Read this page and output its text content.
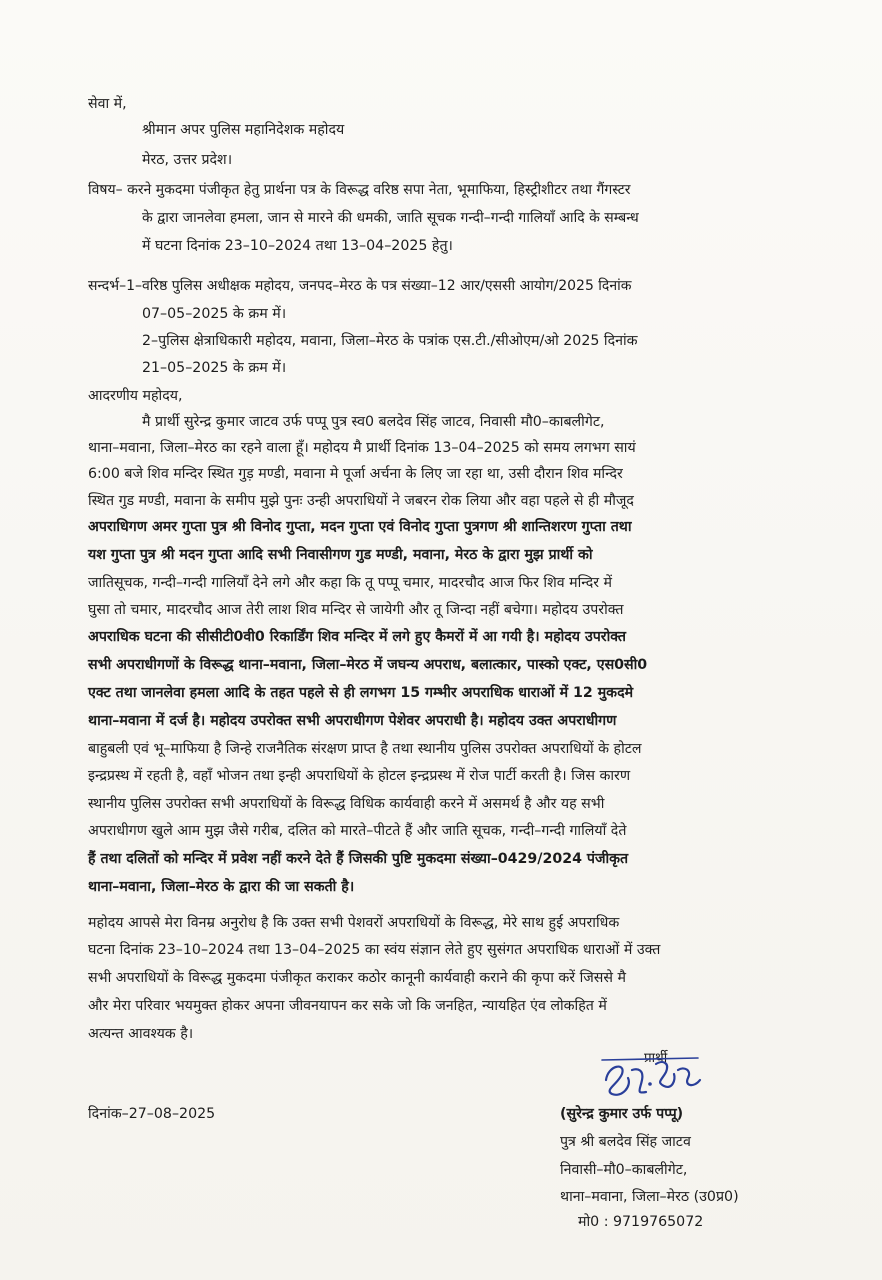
सेवा में,
श्रीमान अपर पुलिस महानिदेशक महोदय
मेरठ, उत्तर प्रदेश।
विषय– करने मुकदमा पंजीकृत हेतु प्रार्थना पत्र के विरूद्ध वरिष्ठ सपा नेता, भूमाफिया, हिस्ट्रीशीटर तथा गैंगस्टर
के द्वारा जानलेवा हमला, जान से मारने की धमकी, जाति सूचक गन्दी–गन्दी गालियॉं आदि के सम्बन्ध
में घटना दिनांक 23–10–2024 तथा 13–04–2025 हेतु।
सन्दर्भ–1–वरिष्ठ पुलिस अधीक्षक महोदय, जनपद–मेरठ के पत्र संख्या–12 आर/एससी आयोग/2025 दिनांक
07–05–2025 के क्रम में।
2–पुलिस क्षेत्राधिकारी महोदय, मवाना, जिला–मेरठ के पत्रांक एस.टी./सीओएम/ओ 2025 दिनांक
21–05–2025 के क्रम में।
आदरणीय महोदय,
मै प्रार्थी सुरेन्द्र कुमार जाटव उर्फ पप्पू पुत्र स्व0 बलदेव सिंह जाटव, निवासी मौ0–काबलीगेट,
थाना–मवाना, जिला–मेरठ का रहने वाला हूॅं। महोदय मै प्रार्थी दिनांक 13–04–2025 को समय लगभग सायं
6:00 बजे शिव मन्दिर स्थित गुड़ मण्डी, मवाना मे पूर्जा अर्चना के लिए जा रहा था, उसी दौरान शिव मन्दिर
स्थित गुड मण्डी, मवाना के समीप मुझे पुनः उन्ही अपराधियों ने जबरन रोक लिया और वहा पहले से ही मौजूद
अपराधिगण अमर गुप्ता पुत्र श्री विनोद गुप्ता, मदन गुप्ता एवं विनोद गुप्ता पुत्रगण श्री शान्तिशरण गुप्ता तथा
यश गुप्ता पुत्र श्री मदन गुप्ता आदि सभी निवासीगण गुड मण्डी, मवाना, मेरठ के द्वारा मुझ प्रार्थी को
जातिसूचक, गन्दी–गन्दी गालियॉं देने लगे और कहा कि तू पप्पू चमार, मादरचौद आज फिर शिव मन्दिर में
घुसा तो चमार, मादरचौद आज तेरी लाश शिव मन्दिर से जायेगी और तू जिन्दा नहीं बचेगा। महोदय उपरोक्त
अपराधिक घटना की सीसीटी0वी0 रिकार्डिंग शिव मन्दिर में लगे हुए कैमरों में आ गयी है। महोदय उपरोक्त
सभी अपराधीगणों के विरूद्ध थाना–मवाना, जिला–मेरठ में जघन्य अपराध, बलात्कार, पास्को एक्ट, एस0सी0
एक्ट तथा जानलेवा हमला आदि के तहत पहले से ही लगभग 15 गम्भीर अपराधिक धाराओं में 12 मुकदमे
थाना–मवाना में दर्ज है। महोदय उपरोक्त सभी अपराधीगण पेशेवर अपराधी है। महोदय उक्त अपराधीगण
बाहुबली एवं भू–माफिया है जिन्हे राजनैतिक संरक्षण प्राप्त है तथा स्थानीय पुलिस उपरोक्त अपराधियों के होटल
इन्द्रप्रस्थ में रहती है, वहॉं भोजन तथा इन्ही अपराधियों के होटल इन्द्रप्रस्थ में रोज पार्टी करती है। जिस कारण
स्थानीय पुलिस उपरोक्त सभी अपराधियों के विरूद्ध विधिक कार्यवाही करने में असमर्थ है और यह सभी
अपराधीगण खुले आम मुझ जैसे गरीब, दलित को मारते–पीटते हैं और जाति सूचक, गन्दी–गन्दी गालियॉं देते
हैं तथा दलितों को मन्दिर में प्रवेश नहीं करने देते हैं जिसकी पुष्टि मुकदमा संख्या–0429/2024 पंजीकृत
थाना–मवाना, जिला–मेरठ के द्वारा की जा सकती है।
महोदय आपसे मेरा विनम्र अनुरोध है कि उक्त सभी पेशवरों अपराधियों के विरूद्ध, मेरे साथ हुई अपराधिक
घटना दिनांक 23–10–2024 तथा 13–04–2025 का स्वंय संज्ञान लेते हुए सुसंगत अपराधिक धाराओं में उक्त
सभी अपराधियों के विरूद्ध मुकदमा पंजीकृत कराकर कठोर कानूनी कार्यवाही कराने की कृपा करें जिससे मै
और मेरा परिवार भयमुक्त होकर अपना जीवनयापन कर सके जो कि जनहित, न्यायहित एंव लोकहित में
अत्यन्त आवश्यक है।
प्रार्थी
दिनांक–27–08–2025	(सुरेन्द्र कुमार उर्फ पप्पू)
पुत्र श्री बलदेव सिंह जाटव
निवासी–मौ0–काबलीगेट,
थाना–मवाना, जिला–मेरठ (उ0प्र0)
मो0 : 9719765072
